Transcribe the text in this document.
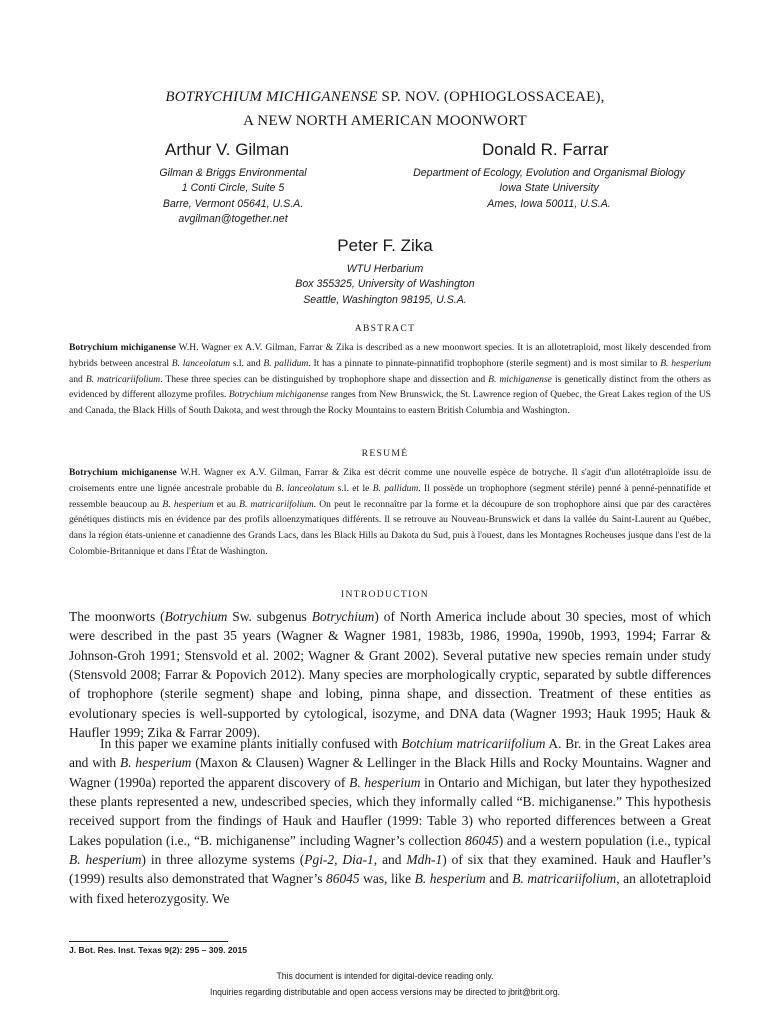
BOTRYCHIUM MICHIGANENSE SP. NOV. (OPHIOGLOSSACEAE),
A NEW NORTH AMERICAN MOONWORT
Arthur V. Gilman	Donald R. Farrar
Gilman & Briggs Environmental
1 Conti Circle, Suite 5
Barre, Vermont 05641, U.S.A.
avgilman@together.net
Department of Ecology, Evolution and Organismal Biology
Iowa State University
Ames, Iowa 50011, U.S.A.
Peter F. Zika
WTU Herbarium
Box 355325, University of Washington
Seattle, Washington 98195, U.S.A.
ABSTRACT
Botrychium michiganense W.H. Wagner ex A.V. Gilman, Farrar & Zika is described as a new moonwort species. It is an allotetraploid, most likely descended from hybrids between ancestral B. lanceolatum s.l. and B. pallidum. It has a pinnate to pinnate-pinnatifid trophophore (sterile segment) and is most similar to B. hesperium and B. matricariifolium. These three species can be distinguished by trophophore shape and dissection and B. michiganense is genetically distinct from the others as evidenced by different allozyme profiles. Botrychium michiganense ranges from New Brunswick, the St. Lawrence region of Quebec, the Great Lakes region of the US and Canada, the Black Hills of South Dakota, and west through the Rocky Mountains to eastern British Columbia and Washington.
RESUMÉ
Botrychium michiganense W.H. Wagner ex A.V. Gilman, Farrar & Zika est décrit comme une nouvelle espèce de botryche. Il s'agit d'un allotétraploïde issu de croisements entre une lignée ancestrale probable du B. lanceolatum s.l. et le B. pallidum. Il possède un trophophore (segment stérile) penné à penné-pennatifide et ressemble beaucoup au B. hesperium et au B. matricariifolium. On peut le reconnaître par la forme et la découpure de son trophophore ainsi que par des caractères génétiques distincts mis en évidence par des profils alloenzymatiques différents. Il se retrouve au Nouveau-Brunswick et dans la vallée du Saint-Laurent au Québec, dans la région états-unienne et canadienne des Grands Lacs, dans les Black Hills au Dakota du Sud, puis à l'ouest, dans les Montagnes Rocheuses jusque dans l'est de la Colombie-Britannique et dans l'État de Washington.
INTRODUCTION
The moonworts (Botrychium Sw. subgenus Botrychium) of North America include about 30 species, most of which were described in the past 35 years (Wagner & Wagner 1981, 1983b, 1986, 1990a, 1990b, 1993, 1994; Farrar & Johnson-Groh 1991; Stensvold et al. 2002; Wagner & Grant 2002). Several putative new species remain under study (Stensvold 2008; Farrar & Popovich 2012). Many species are morphologically cryptic, separated by subtle differences of trophophore (sterile segment) shape and lobing, pinna shape, and dissection. Treatment of these entities as evolutionary species is well-supported by cytological, isozyme, and DNA data (Wagner 1993; Hauk 1995; Hauk & Haufler 1999; Zika & Farrar 2009).
In this paper we examine plants initially confused with Botchium matricariifolium A. Br. in the Great Lakes area and with B. hesperium (Maxon & Clausen) Wagner & Lellinger in the Black Hills and Rocky Mountains. Wagner and Wagner (1990a) reported the apparent discovery of B. hesperium in Ontario and Michigan, but later they hypothesized these plants represented a new, undescribed species, which they informally called “B. michiganense.” This hypothesis received support from the findings of Hauk and Haufler (1999: Table 3) who reported differences between a Great Lakes population (i.e., “B. michiganense” including Wagner’s collection 86045) and a western population (i.e., typical B. hesperium) in three allozyme systems (Pgi-2, Dia-1, and Mdh-1) of six that they examined. Hauk and Haufler’s (1999) results also demonstrated that Wagner’s 86045 was, like B. hesperium and B. matricariifolium, an allotetraploid with fixed heterozygosity. We
J. Bot. Res. Inst. Texas 9(2): 295 – 309. 2015
This document is intended for digital-device reading only.
Inquiries regarding distributable and open access versions may be directed to jbrit@brit.org.
